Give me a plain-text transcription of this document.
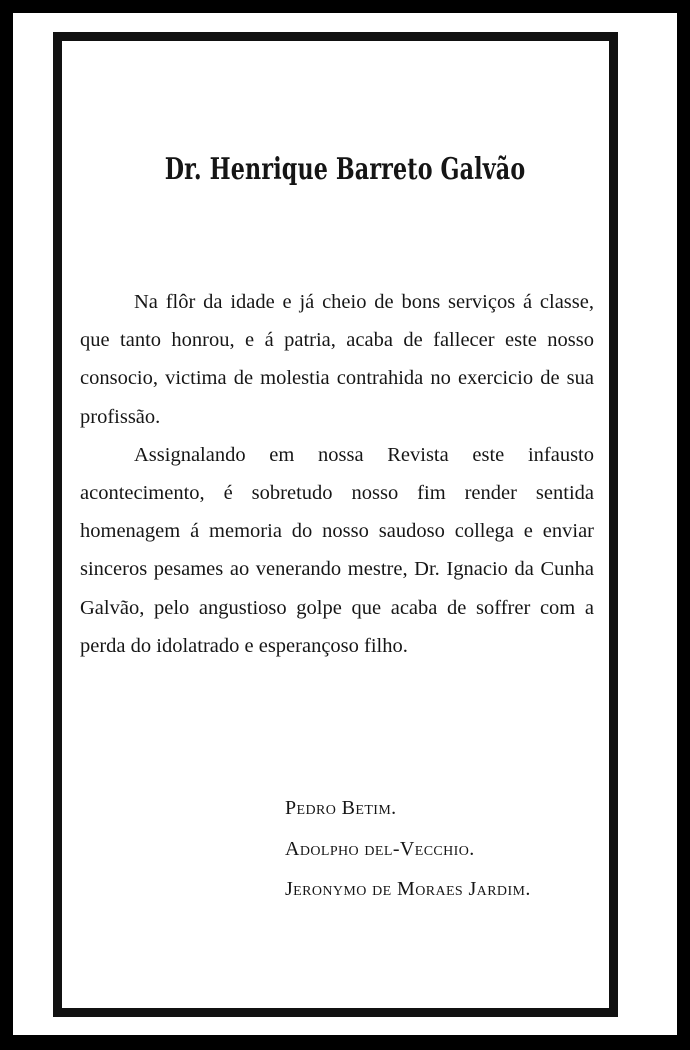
Dr. Henrique Barreto Galvão

Na flôr da idade e já cheio de bons serviços á classe, que tanto honrou, e á patria, acaba de fallecer este nosso consocio, victima de molestia contrahida no exercicio de sua profissão.

Assignalando em nossa Revista este infausto acontecimento, é sobretudo nosso fim render sentida homenagem á memoria do nosso saudoso collega e enviar sinceros pesames ao venerando mestre, Dr. Ignacio da Cunha Galvão, pelo angustioso golpe que acaba de soffrer com a perda do idolatrado e esperançoso filho.

Pedro Betim.
Adolpho del-Vecchio.
Jeronymo de Moraes Jardim.
